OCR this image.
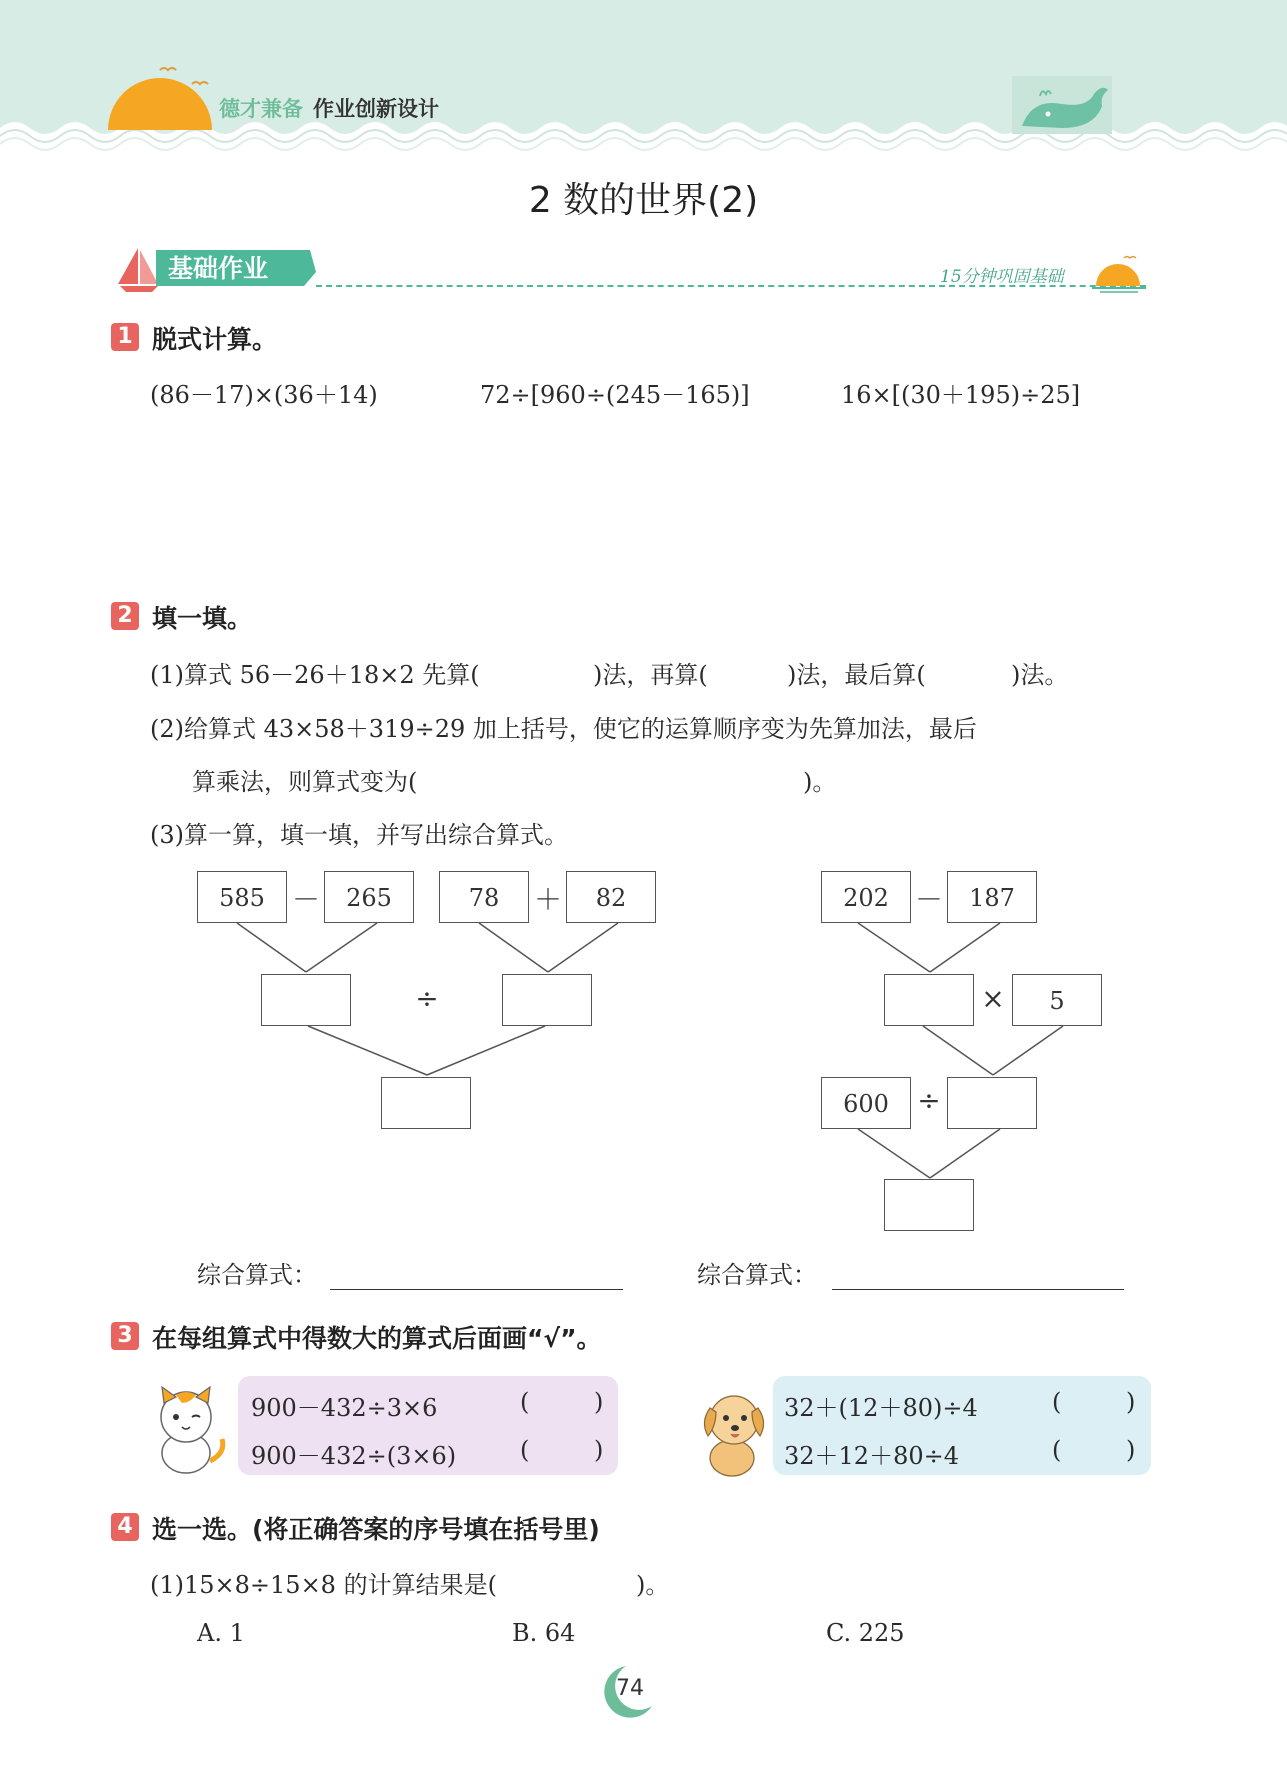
德才兼备 作业创新设计
2 数的世界(2)
基础作业	15分钟巩固基础
1 脱式计算。
(86－17)×(36＋14)	72÷[960÷(245－165)]	16×[(30＋195)÷25]
2 填一填。
(1)算式 56－26＋18×2 先算(	)法，再算(	)法，最后算(	)法。
(2)给算式 43×58＋319÷29 加上括号，使它的运算顺序变为先算加法，最后
算乘法，则算式变为(	)。
(3)算一算，填一填，并写出综合算式。
585 －	265	78	＋	82
÷
202 －	187
×	5
600	÷
综合算式：	综合算式：
3 在每组算式中得数大的算式后面画“√”。
900－432÷3×6	(	)
900－432÷(3×6)	(	)
32＋(12＋80)÷4	(	)
32＋12＋80÷4	(	)
4 选一选。(将正确答案的序号填在括号里)
(1)15×8÷15×8 的计算结果是(	)。
A. 1	B. 64	C. 225
74
